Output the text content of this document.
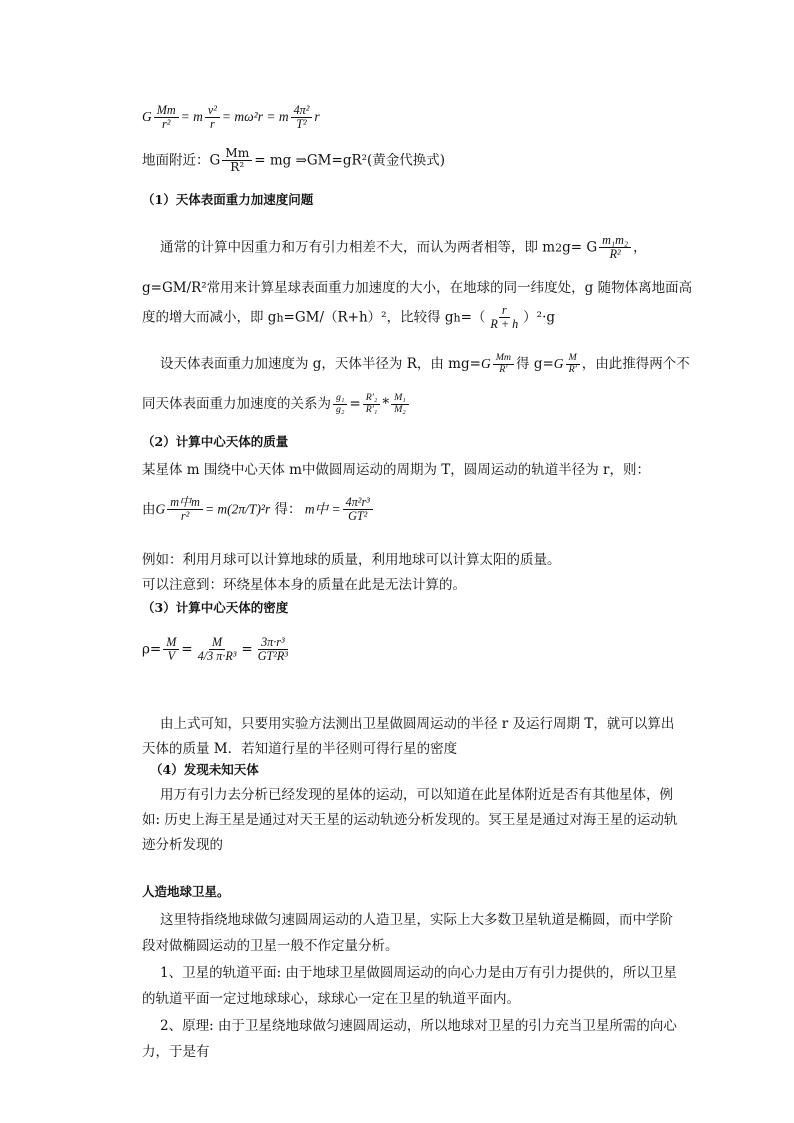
G $\frac{Mm}{\text{r²}} = m \frac{\text{v²}}{r} = m\omega^2r = m \frac{\text{4π²}}{\text{T²}}$ r
地面附近：G $\frac{Mm}{\text{R²}}$ = mg ⇒GM=gR²(黄金代换式)
（1）天体表面重力加速度问题
通常的计算中因重力和万有引力相差不大，而认为两者相等，即 m2g= G $\frac{\text{m₁m₂}}{\text{R²}}$ ，
g=GM/R²常用来计算星球表面重力加速度的大小，在地球的同一纬度处，g 随物体离地面高
度的增大而减小，即 gh=GM/（R+h）²，比较得 $gh=( \frac{r}{R + h} )^2\cdot g$
设天体表面重力加速度为 g，天体半径为 R，由 $mg=G \frac{Mm}{R'}$ 得 $g=G \frac{M}{R'}$ ，由此推得两个不
同天体表面重力加速度的关系为 $\frac{\text{g₁}}{\text{g₂}} = \frac{\text{R′₂}}{\text{R′₁}} * \frac{\text{M₁}}{\text{M₂}}$
（2）计算中心天体的质量
某星体 m 围绕中心天体 m中做圆周运动的周期为 T，圆周运动的轨道半径为 r，则：
由G $\frac{\text{m中m}}{\text{r²}} = m(2\pi/T)^2r$ 得： m中 = $\frac{\text{4π²r³}}{\text{GT²}}$
例如：利用月球可以计算地球的质量，利用地球可以计算太阳的质量。
可以注意到：环绕星体本身的质量在此是无法计算的。
（3）计算中心天体的密度
$\rho= \frac{M}{V} = \frac{M}{\text{4/3 π·R³}} = \frac{\text{3π·r³}}{\text{GT²R³}}$
由上式可知，只要用实验方法测出卫星做圆周运动的半径 r 及运行周期 T，就可以算出
天体的质量 M．若知道行星的半径则可得行星的密度
（4）发现未知天体
用万有引力去分析已经发现的星体的运动，可以知道在此星体附近是否有其他星体，例
如: 历史上海王星是通过对天王星的运动轨迹分析发现的。冥王星是通过对海王星的运动轨
迹分析发现的
人造地球卫星。
这里特指绕地球做匀速圆周运动的人造卫星，实际上大多数卫星轨道是椭圆，而中学阶
段对做椭圆运动的卫星一般不作定量分析。
1、卫星的轨道平面: 由于地球卫星做圆周运动的向心力是由万有引力提供的，所以卫星
的轨道平面一定过地球球心，球球心一定在卫星的轨道平面内。
2、原理: 由于卫星绕地球做匀速圆周运动，所以地球对卫星的引力充当卫星所需的向心
力，于是有
